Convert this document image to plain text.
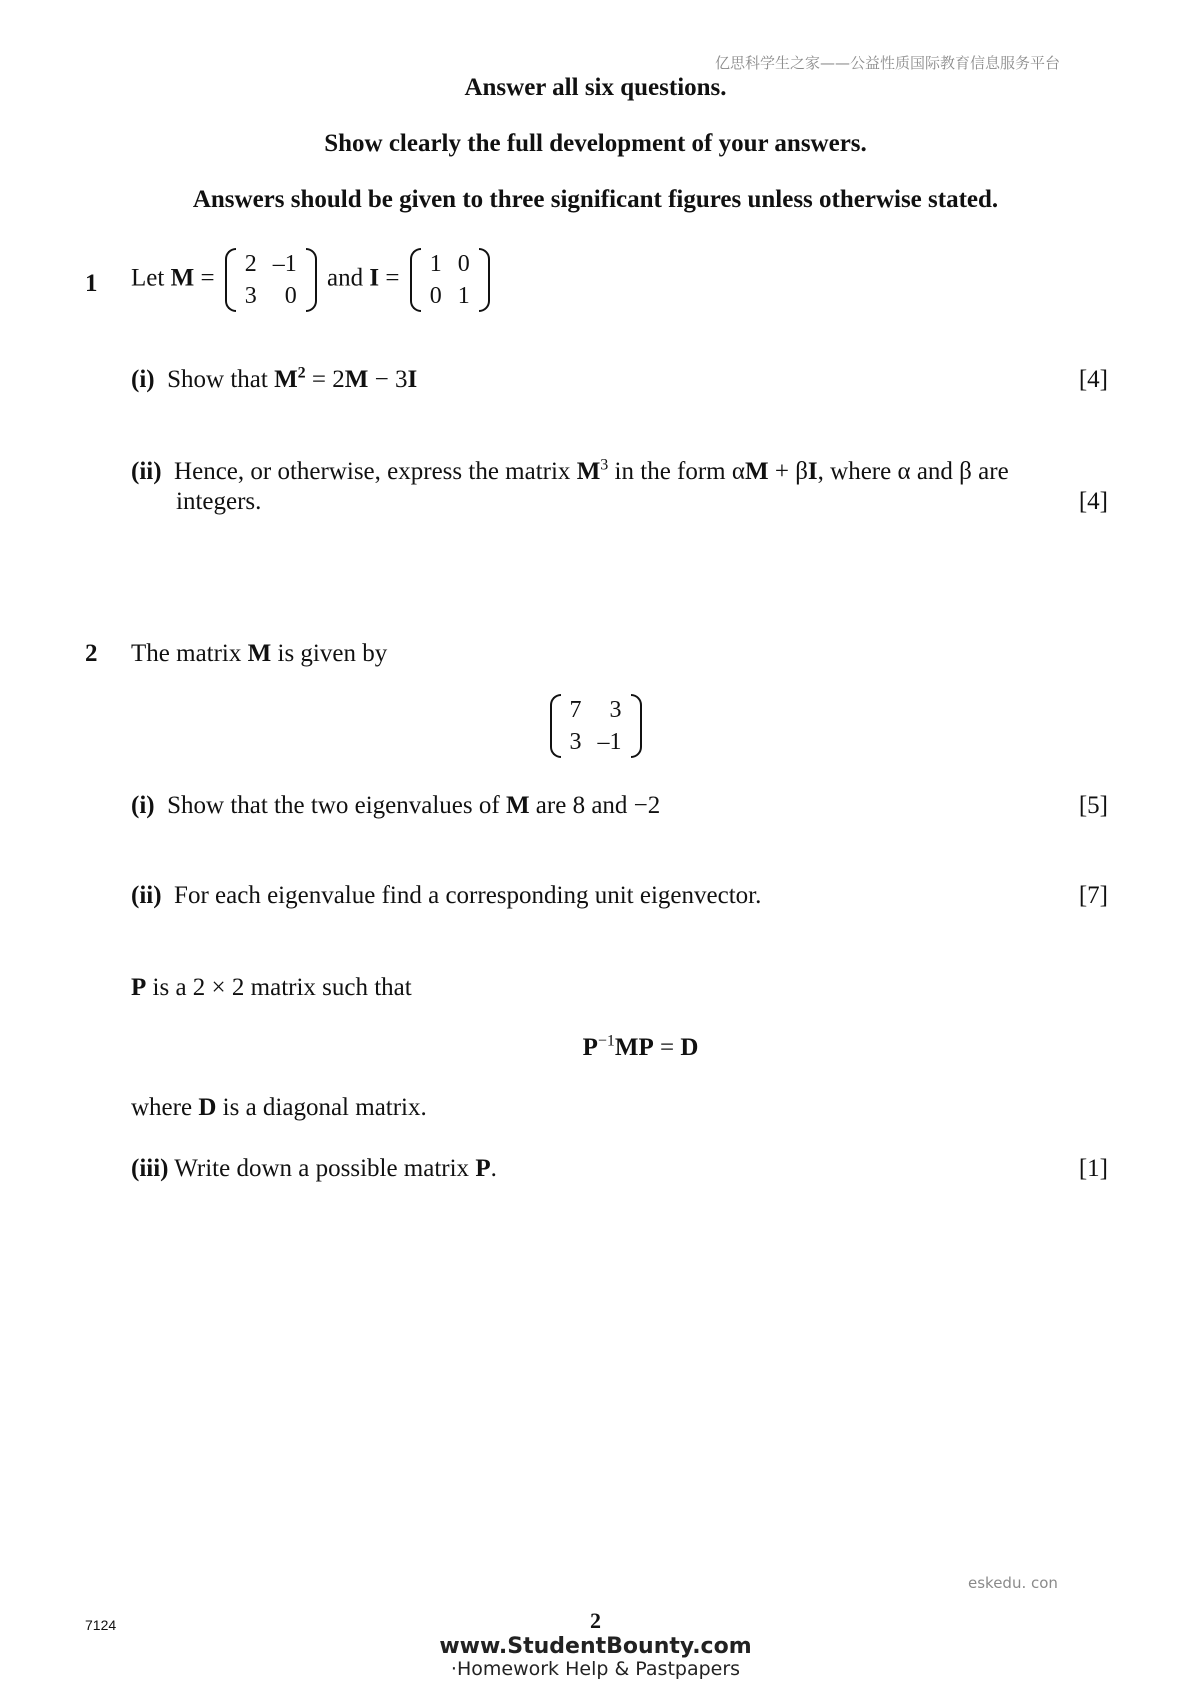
亿思科学生之家——公益性质国际教育信息服务平台
Answer all six questions.
Show clearly the full development of your answers.
Answers should be given to three significant figures unless otherwise stated.
1 Let M =
2	–1
3	0
and I =
1	0
0	1
(i) Show that $M^2 = 2M - 3I$	[4]
(ii) Hence, or otherwise, express the matrix $M^3$ in the form αM + βI, where α and β are
integers.	[4]
2 The matrix M is given by
7	3
3	–1
(i) Show that the two eigenvalues of M are 8 and −2	[5]
(ii) For each eigenvalue find a corresponding unit eigenvector.	[7]
P is a 2 × 2 matrix such that
$P^{-1}MP = D$
where D is a diagonal matrix.
(iii) Write down a possible matrix P.	[1]
eskedu. con
7124	2
www.StudentBounty.com
·Homework Help & Pastpapers
